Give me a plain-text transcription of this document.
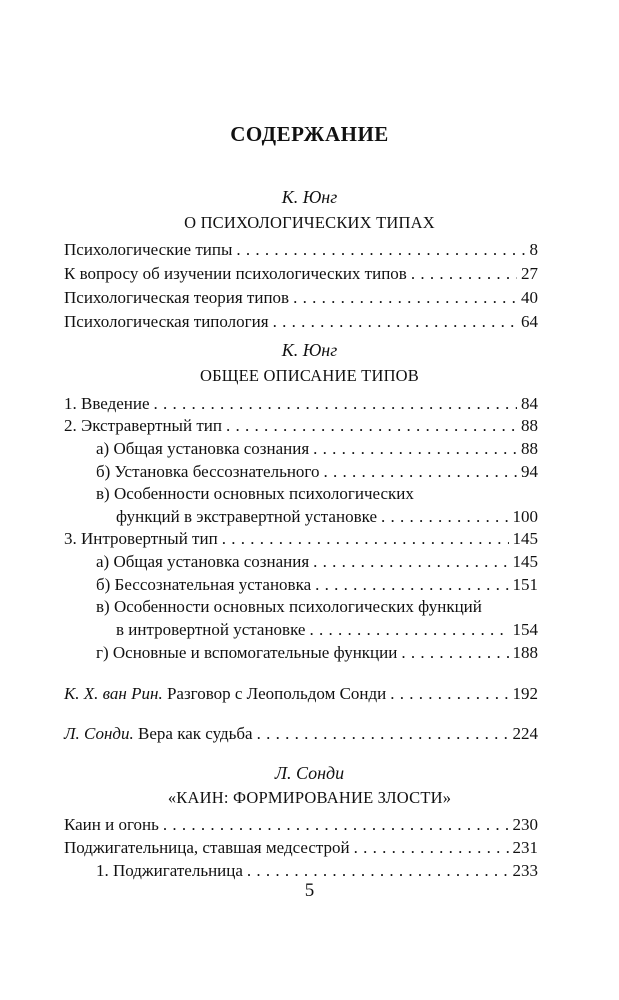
СОДЕРЖАНИЕ
К. Юнг
О ПСИХОЛОГИЧЕСКИХ ТИПАХ
Психологические типы . . .	8
К вопросу об изучении психологических типов . . .	27
Психологическая теория типов . . .	40
Психологическая типология . . .	64
К. Юнг
ОБЩЕЕ ОПИСАНИЕ ТИПОВ
1. Введение . . .	84
2. Экстравертный тип . . .	88
а) Общая установка сознания . . .	88
б) Установка бессознательного . . .	94
в) Особенности основных психологических
функций в экстравертной установке . . .	100
3. Интровертный тип . . .	145
а) Общая установка сознания . . .	145
б) Бессознательная установка . . .	151
в) Особенности основных психологических функций
в интровертной установке . . .	154
г) Основные и вспомогательные функции . . .	188
К. Х. ван Рин. Разговор с Леопольдом Сонди . . .	192
Л. Сонди. Вера как судьба . . .	224
Л. Сонди
«КАИН: ФОРМИРОВАНИЕ ЗЛОСТИ»
Каин и огонь . . .	230
Поджигательница, ставшая медсестрой . . .	231
1. Поджигательница . . .	233
5
